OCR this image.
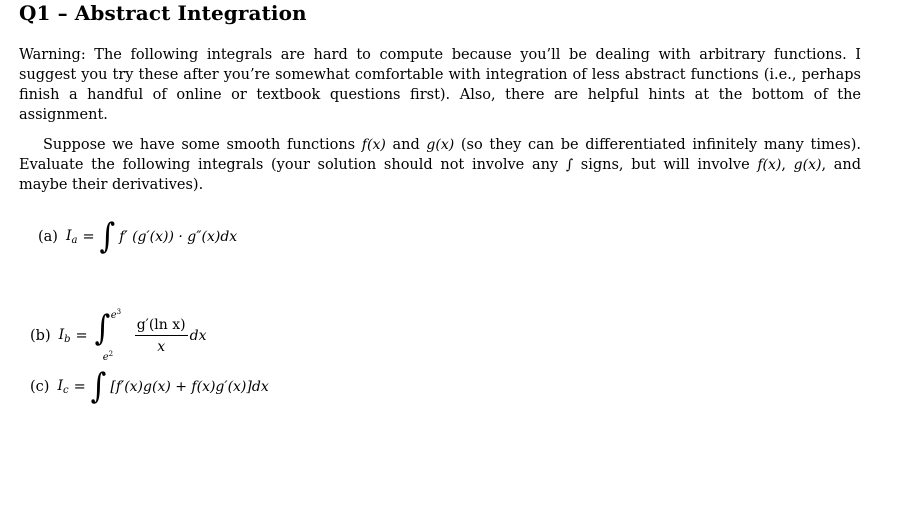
Q1 – Abstract Integration
Warning: The following integrals are hard to compute because you’ll be dealing with arbitrary functions. I suggest you try these after you’re somewhat comfortable with integration of less abstract functions (i.e., perhaps finish a handful of online or textbook questions first). Also, there are helpful hints at the bottom of the assignment.
Suppose we have some smooth functions f(x) and g(x) (so they can be differentiated infinitely many times). Evaluate the following integrals (your solution should not involve any ∫ signs, but will involve f(x), g(x), and maybe their derivatives).
(a) $I_a$ = ∫ f′ (g′(x)) · g″(x)dx
(b) $I_b$ = ∫ $e^3$
$e^2 \frac{\text{g′(ln x)}}{x}$ dx
(c) $I_c$ = ∫ [f′(x)g(x) + f(x)g′(x)]dx
